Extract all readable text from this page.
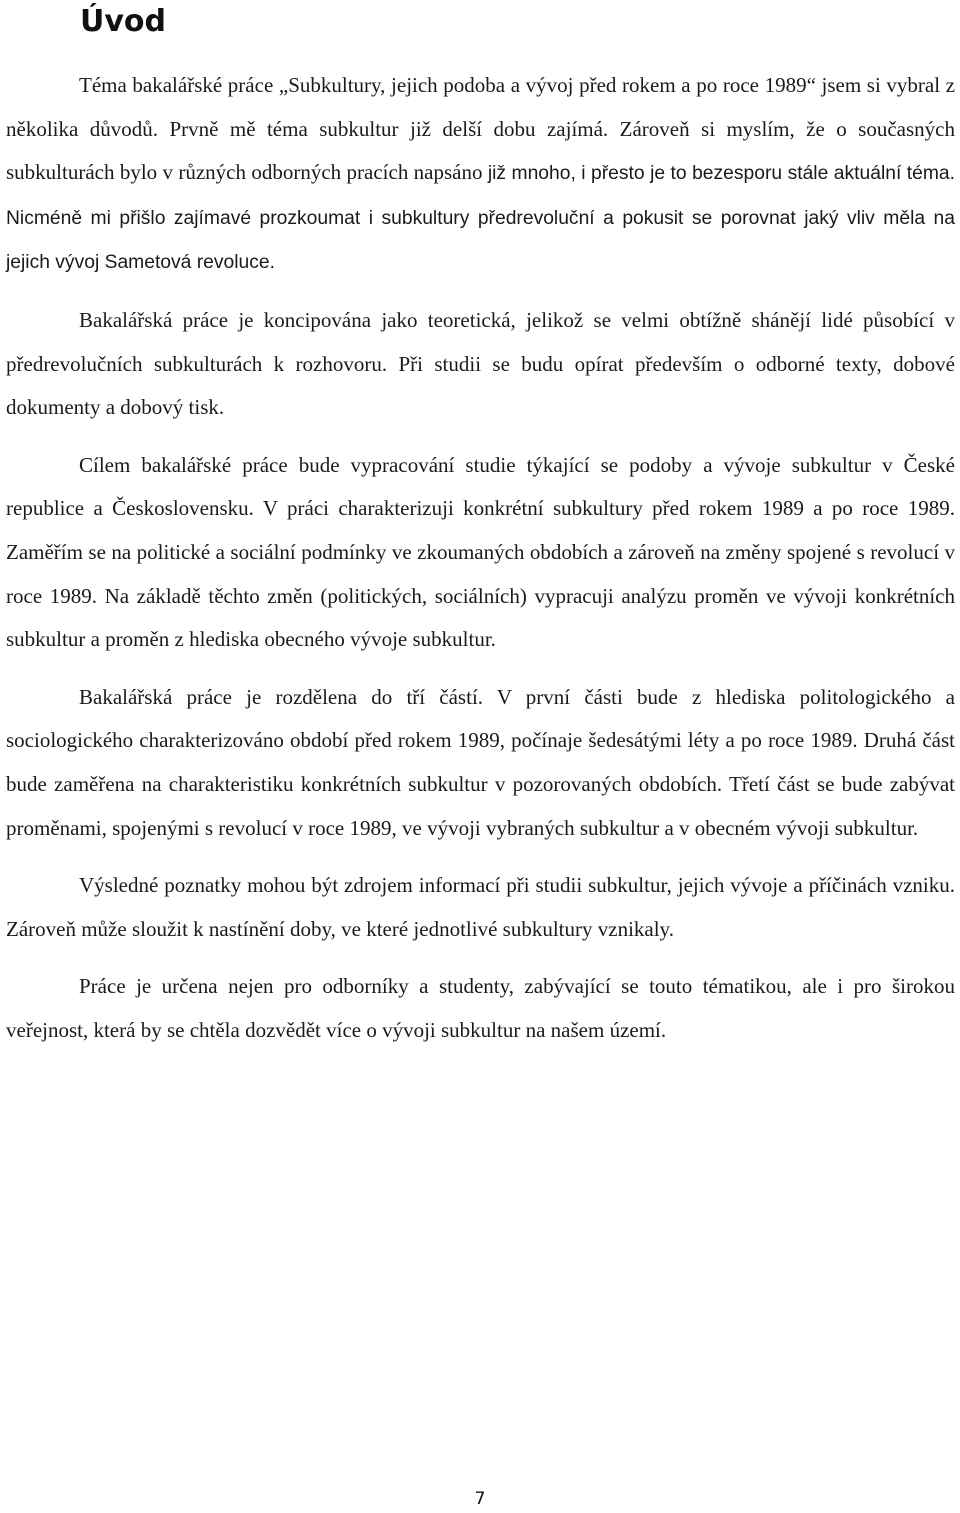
Úvod

Téma bakalářské práce „Subkultury, jejich podoba a vývoj před rokem a po roce 1989“ jsem si vybral z několika důvodů. Prvně mě téma subkultur již delší dobu zajímá. Zároveň si myslím, že o současných subkulturách bylo v různých odborných pracích napsáno již mnoho, i přesto je to bezesporu stále aktuální téma. Nicméně mi přišlo zajímavé prozkoumat i subkultury předrevoluční a pokusit se porovnat jaký vliv měla na jejich vývoj Sametová revoluce.

Bakalářská práce je koncipována jako teoretická, jelikož se velmi obtížně shánějí lidé působící v předrevolučních subkulturách k rozhovoru. Při studii se budu opírat především o odborné texty, dobové dokumenty a dobový tisk.

Cílem bakalářské práce bude vypracování studie týkající se podoby a vývoje subkultur v České republice a Československu. V práci charakterizuji konkrétní subkultury před rokem 1989 a po roce 1989. Zaměřím se na politické a sociální podmínky ve zkoumaných obdobích a zároveň na změny spojené s revolucí v roce 1989. Na základě těchto změn (politických, sociálních) vypracuji analýzu proměn ve vývoji konkrétních subkultur a proměn z hlediska obecného vývoje subkultur.

Bakalářská práce je rozdělena do tří částí. V první části bude z hlediska politologického a sociologického charakterizováno období před rokem 1989, počínaje šedesátými léty a po roce 1989. Druhá část bude zaměřena na charakteristiku konkrétních subkultur v pozorovaných obdobích. Třetí část se bude zabývat proměnami, spojenými s revolucí v roce 1989, ve vývoji vybraných subkultur a v obecném vývoji subkultur.

Výsledné poznatky mohou být zdrojem informací při studii subkultur, jejich vývoje a příčinách vzniku. Zároveň může sloužit k nastínění doby, ve které jednotlivé subkultury vznikaly.

Práce je určena nejen pro odborníky a studenty, zabývající se touto tématikou, ale i pro širokou veřejnost, která by se chtěla dozvědět více o vývoji subkultur na našem území.

7
